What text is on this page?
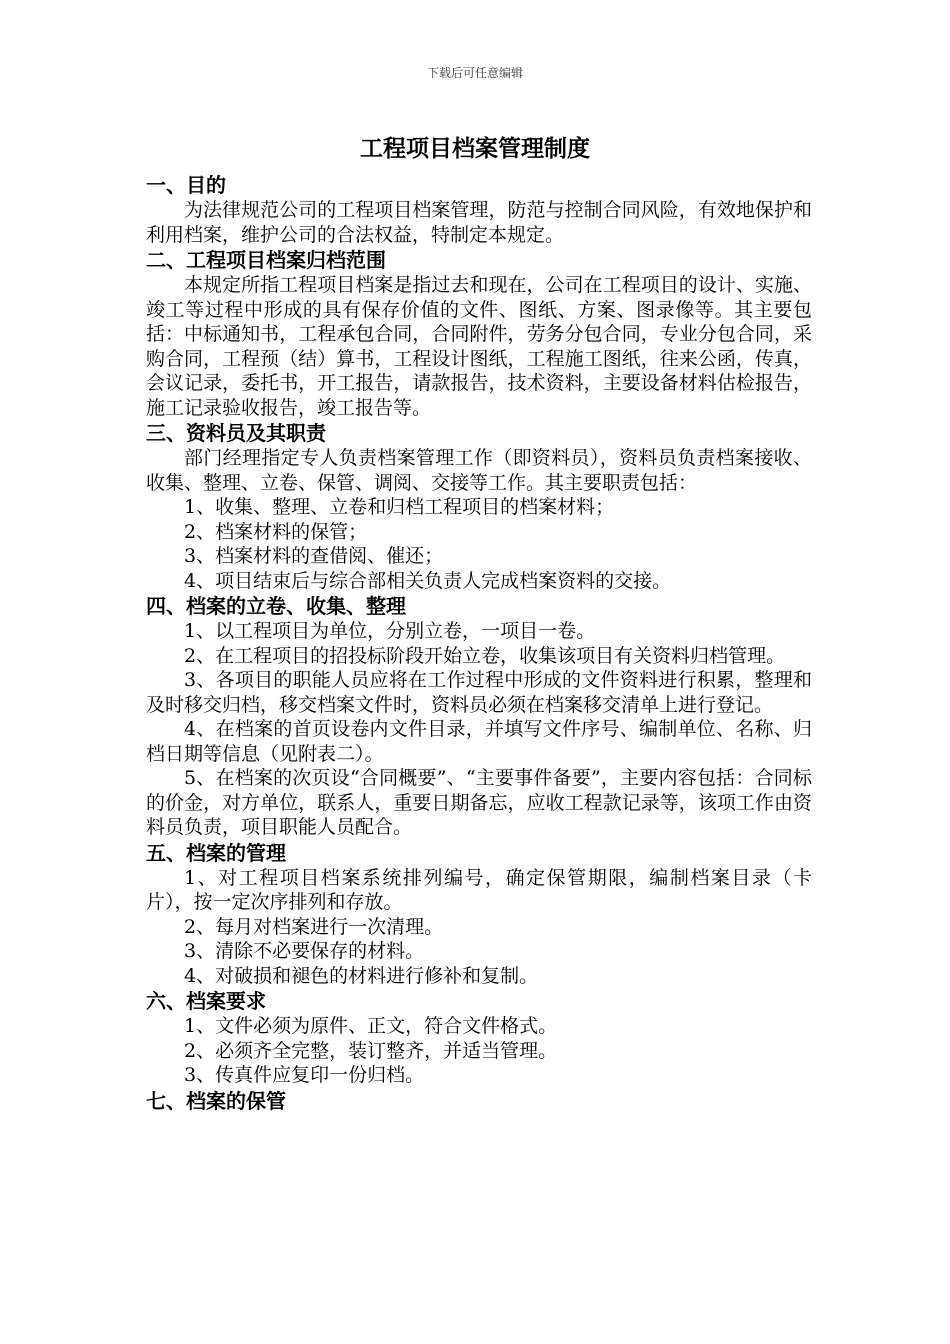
下载后可任意编辑
工程项目档案管理制度
一、目的

为法律规范公司的工程项目档案管理，防范与控制合同风险，有效地保护和利用档案，维护公司的合法权益，特制定本规定。

二、工程项目档案归档范围

本规定所指工程项目档案是指过去和现在，公司在工程项目的设计、实施、竣工等过程中形成的具有保存价值的文件、图纸、方案、图录像等。其主要包括：中标通知书，工程承包合同，合同附件，劳务分包合同，专业分包合同，采购合同，工程预（结）算书，工程设计图纸，工程施工图纸，往来公函，传真，会议记录，委托书，开工报告，请款报告，技术资料，主要设备材料估检报告，施工记录验收报告，竣工报告等。

三、资料员及其职责

部门经理指定专人负责档案管理工作（即资料员），资料员负责档案接收、收集、整理、立卷、保管、调阅、交接等工作。其主要职责包括：

1、收集、整理、立卷和归档工程项目的档案材料；

2、档案材料的保管；

3、档案材料的查借阅、催还；

4、项目结束后与综合部相关负责人完成档案资料的交接。

四、档案的立卷、收集、整理

1、以工程项目为单位，分别立卷，一项目一卷。

2、在工程项目的招投标阶段开始立卷，收集该项目有关资料归档管理。

3、各项目的职能人员应将在工作过程中形成的文件资料进行积累，整理和及时移交归档，移交档案文件时，资料员必须在档案移交清单上进行登记。

4、在档案的首页设卷内文件目录，并填写文件序号、编制单位、名称、归档日期等信息（见附表二）。

5、在档案的次页设“合同概要”、“主要事件备要”，主要内容包括：合同标的价金，对方单位，联系人，重要日期备忘，应收工程款记录等，该项工作由资料员负责，项目职能人员配合。

五、档案的管理

1、对工程项目档案系统排列编号，确定保管期限，编制档案目录（卡片），按一定次序排列和存放。

2、每月对档案进行一次清理。

3、清除不必要保存的材料。

4、对破损和褪色的材料进行修补和复制。

六、档案要求

1、文件必须为原件、正文，符合文件格式。

2、必须齐全完整，装订整齐，并适当管理。

3、传真件应复印一份归档。

七、档案的保管
